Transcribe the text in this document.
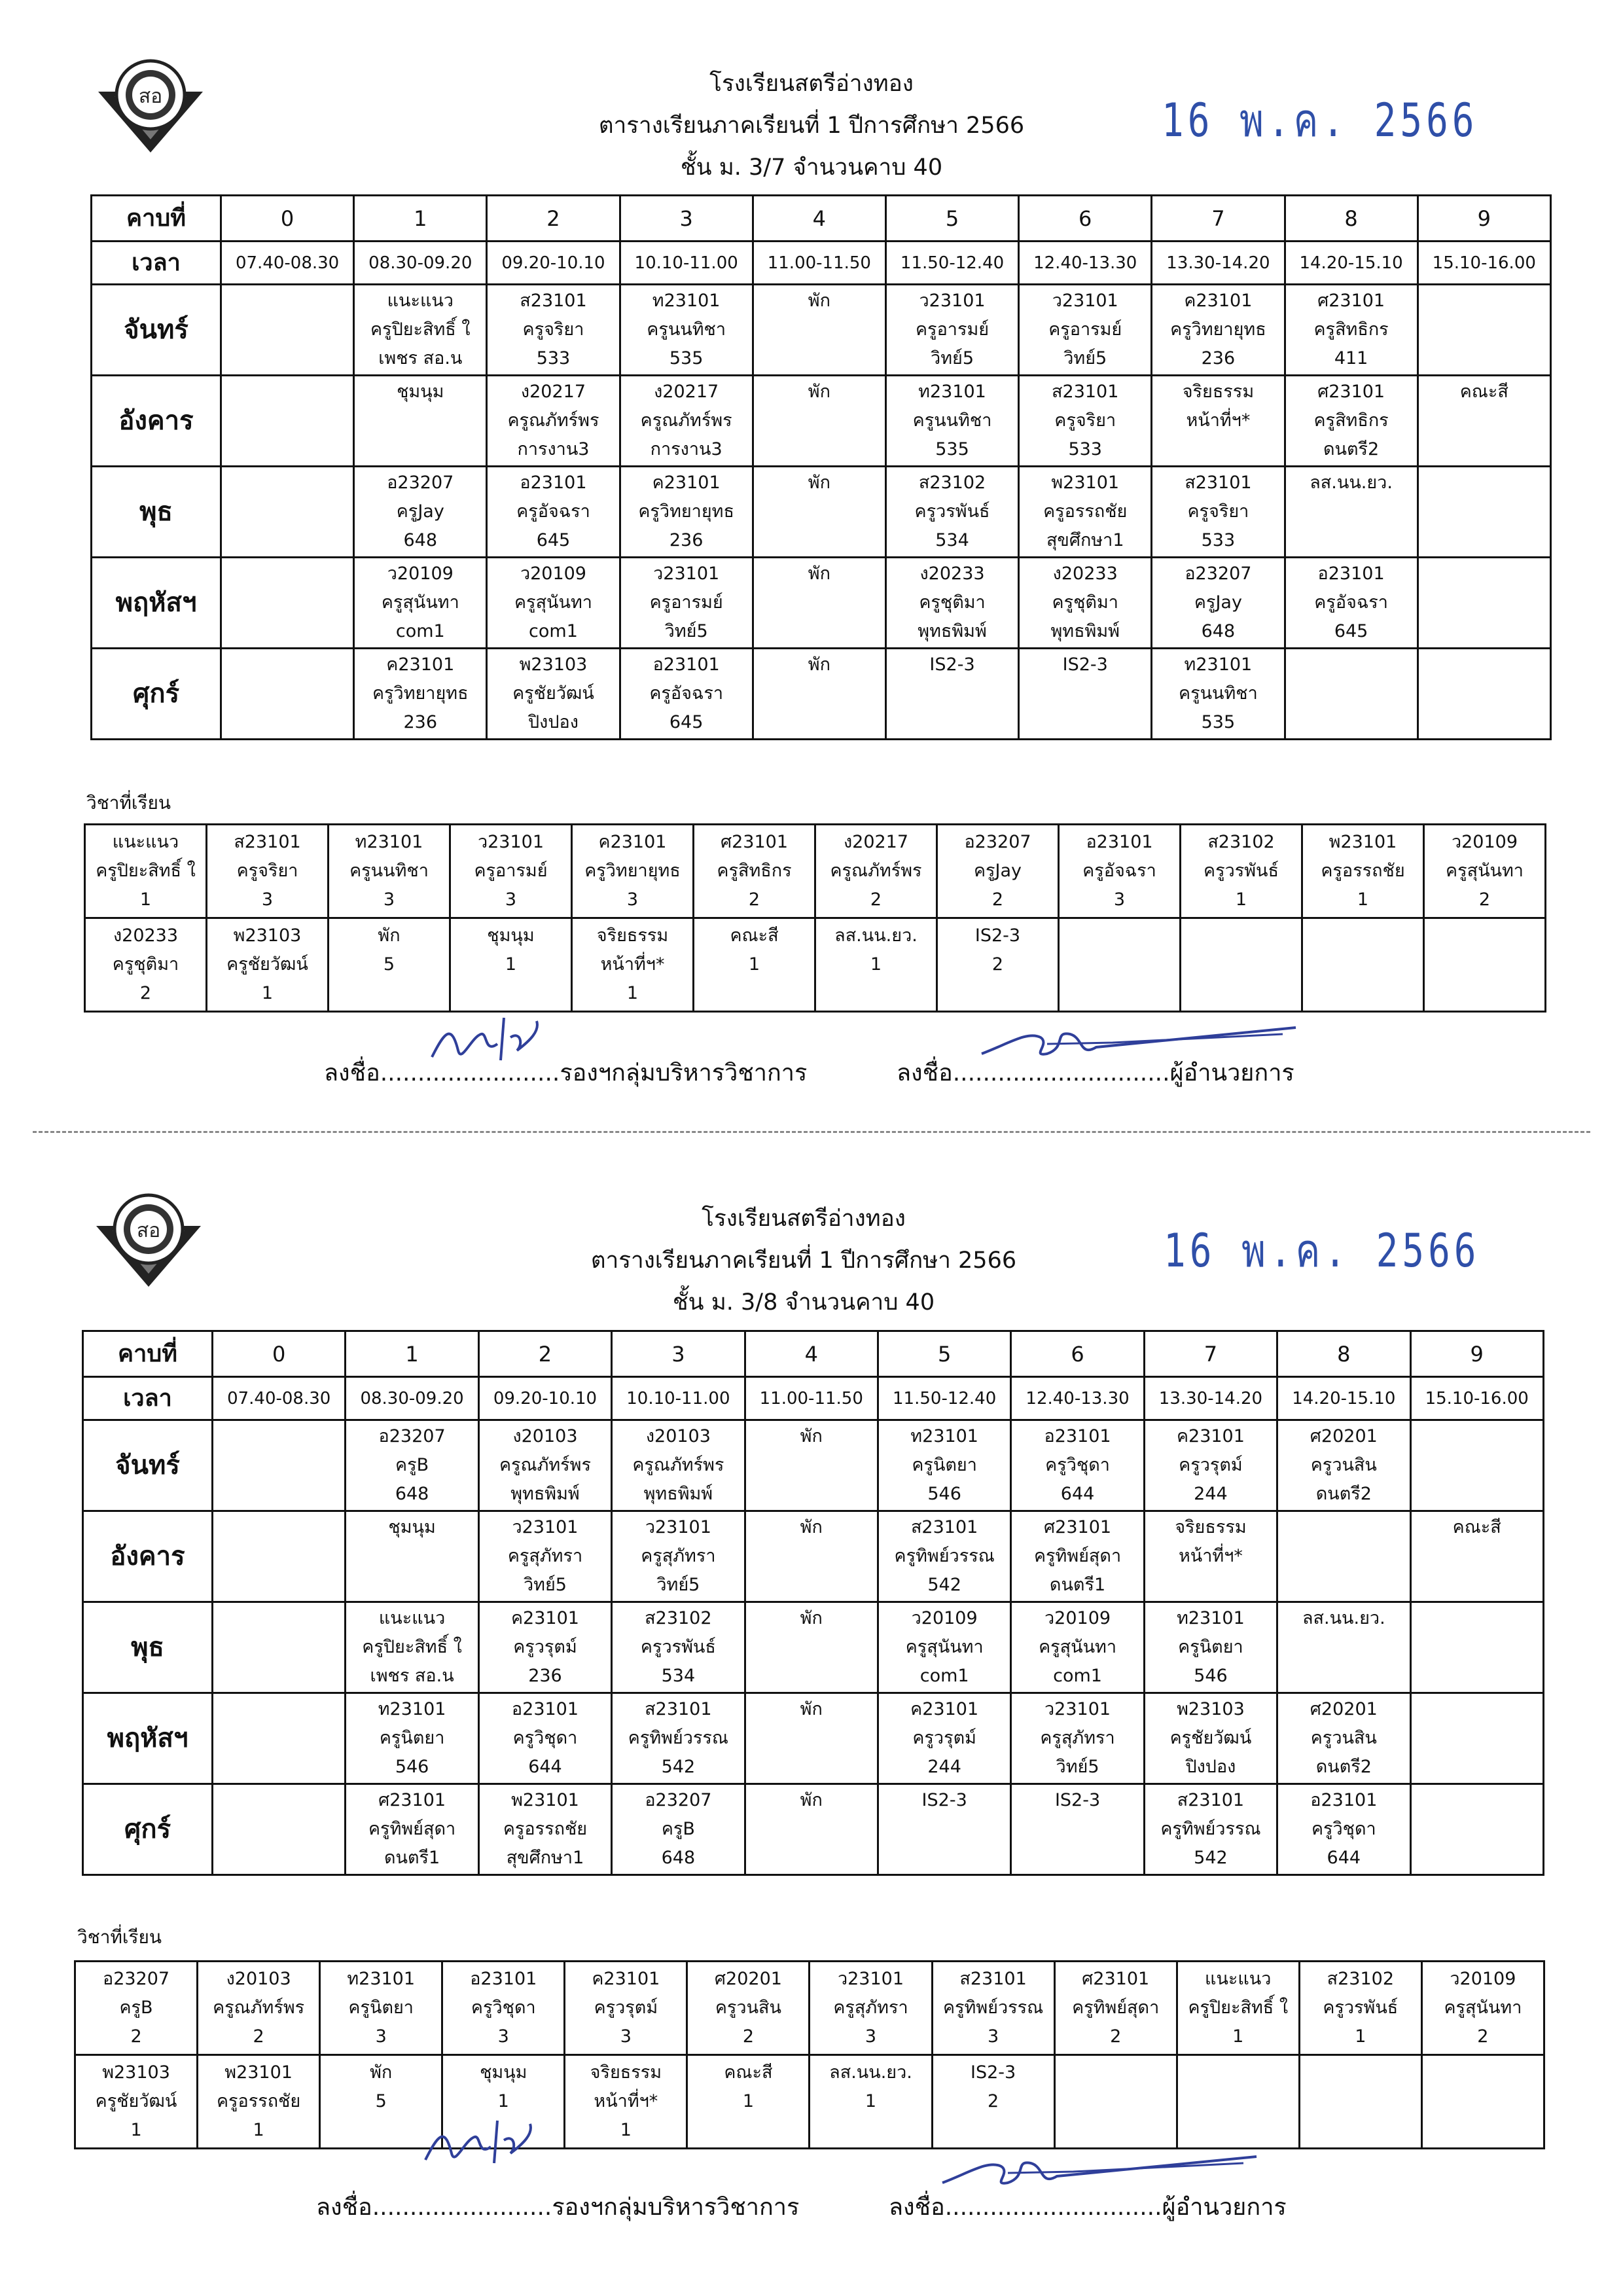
สอ	โรงเรียนสตรีอ่างทอง
ตารางเรียนภาคเรียนที่ 1 ปีการศึกษา 2566
ชั้น ม. 3/7 จำนวนคาบ 40
16 พ.ค. 2566
คาบที่	0	1	2	3	4	5	6	7	8	9
เวลา	07.40-08.30	08.30-09.20	09.20-10.10	10.10-11.00	11.00-11.50	11.50-12.40	12.40-13.30	13.30-14.20	14.20-15.10	15.10-16.00
จันทร์		แนะแนว
ครูปิยะสิทธิ์ ใ
เพชร สอ.น	ส23101
ครูจริยา
533	ท23101
ครูนนทิชา
535	พัก	ว23101
ครูอารมย์
วิทย์5	ว23101
ครูอารมย์
วิทย์5	ค23101
ครูวิทยายุทธ
236	ศ23101
ครูสิทธิกร
411	

อังคาร		ชุมนุม	ง20217
ครูณภัทร์พร
การงาน3	ง20217
ครูณภัทร์พร
การงาน3	พัก	ท23101
ครูนนทิชา
535	ส23101
ครูจริยา
533	จริยธรรม
หน้าที่ฯ*	ศ23101
ครูสิทธิกร
ดนตรี2	คณะสี

พุธ		อ23207
ครูJay
648	อ23101
ครูอัจฉรา
645	ค23101
ครูวิทยายุทธ
236	พัก	ส23102
ครูวรพันธ์
534	พ23101
ครูอรรถชัย
สุขศึกษา1	ส23101
ครูจริยา
533	ลส.นน.ยว.	

พฤหัสฯ		ว20109
ครูสุนันทา
com1	ว20109
ครูสุนันทา
com1	ว23101
ครูอารมย์
วิทย์5	พัก	ง20233
ครูชุติมา
พุทธพิมพ์	ง20233
ครูชุติมา
พุทธพิมพ์	อ23207
ครูJay
648	อ23101
ครูอัจฉรา
645	

ศุกร์		ค23101
ครูวิทยายุทธ
236	พ23103
ครูชัยวัฒน์
ปิงปอง	อ23101
ครูอัจฉรา
645	พัก	IS2-3	IS2-3	ท23101
ครูนนทิชา
535		

วิชาที่เรียน
แนะแนว
ครูปิยะสิทธิ์ ใ
1	ส23101
ครูจริยา
3	ท23101
ครูนนทิชา
3	ว23101
ครูอารมย์
3	ค23101
ครูวิทยายุทธ
3	ศ23101
ครูสิทธิกร
2	ง20217
ครูณภัทร์พร
2	อ23207
ครูJay
2	อ23101
ครูอัจฉรา
3	ส23102
ครูวรพันธ์
1	พ23101
ครูอรรถชัย
1	ว20109
ครูสุนันทา
2

ง20233
ครูชุติมา
2	พ23103
ครูชัยวัฒน์
1	พัก
5	ชุมนุม
1	จริยธรรม
หน้าที่ฯ*
1	คณะสี
1	ลส.นน.ยว.
1	IS2-3
2				

ลงชื่อ........................รองฯกลุ่มบริหารวิชาการ	ลงชื่อ.............................ผู้อำนวยการ
สอ	โรงเรียนสตรีอ่างทอง
ตารางเรียนภาคเรียนที่ 1 ปีการศึกษา 2566
ชั้น ม. 3/8 จำนวนคาบ 40
16 พ.ค. 2566
คาบที่	0	1	2	3	4	5	6	7	8	9
เวลา	07.40-08.30	08.30-09.20	09.20-10.10	10.10-11.00	11.00-11.50	11.50-12.40	12.40-13.30	13.30-14.20	14.20-15.10	15.10-16.00
จันทร์		อ23207
ครูB
648	ง20103
ครูณภัทร์พร
พุทธพิมพ์	ง20103
ครูณภัทร์พร
พุทธพิมพ์	พัก	ท23101
ครูนิตยา
546	อ23101
ครูวิชุดา
644	ค23101
ครูวรุตม์
244	ศ20201
ครูวนสิน
ดนตรี2	

อังคาร		ชุมนุม	ว23101
ครูสุภัทรา
วิทย์5	ว23101
ครูสุภัทรา
วิทย์5	พัก	ส23101
ครูทิพย์วรรณ
542	ศ23101
ครูทิพย์สุดา
ดนตรี1	จริยธรรม
หน้าที่ฯ*		คณะสี

พุธ		แนะแนว
ครูปิยะสิทธิ์ ใ
เพชร สอ.น	ค23101
ครูวรุตม์
236	ส23102
ครูวรพันธ์
534	พัก	ว20109
ครูสุนันทา
com1	ว20109
ครูสุนันทา
com1	ท23101
ครูนิตยา
546	ลส.นน.ยว.	

พฤหัสฯ		ท23101
ครูนิตยา
546	อ23101
ครูวิชุดา
644	ส23101
ครูทิพย์วรรณ
542	พัก	ค23101
ครูวรุตม์
244	ว23101
ครูสุภัทรา
วิทย์5	พ23103
ครูชัยวัฒน์
ปิงปอง	ศ20201
ครูวนสิน
ดนตรี2	

ศุกร์		ศ23101
ครูทิพย์สุดา
ดนตรี1	พ23101
ครูอรรถชัย
สุขศึกษา1	อ23207
ครูB
648	พัก	IS2-3	IS2-3	ส23101
ครูทิพย์วรรณ
542	อ23101
ครูวิชุดา
644	

วิชาที่เรียน
อ23207
ครูB
2	ง20103
ครูณภัทร์พร
2	ท23101
ครูนิตยา
3	อ23101
ครูวิชุดา
3	ค23101
ครูวรุตม์
3	ศ20201
ครูวนสิน
2	ว23101
ครูสุภัทรา
3	ส23101
ครูทิพย์วรรณ
3	ศ23101
ครูทิพย์สุดา
2	แนะแนว
ครูปิยะสิทธิ์ ใ
1	ส23102
ครูวรพันธ์
1	ว20109
ครูสุนันทา
2

พ23103
ครูชัยวัฒน์
1	พ23101
ครูอรรถชัย
1	พัก
5	ชุมนุม
1	จริยธรรม
หน้าที่ฯ*
1	คณะสี
1	ลส.นน.ยว.
1	IS2-3
2				

ลงชื่อ........................รองฯกลุ่มบริหารวิชาการ	ลงชื่อ.............................ผู้อำนวยการ
